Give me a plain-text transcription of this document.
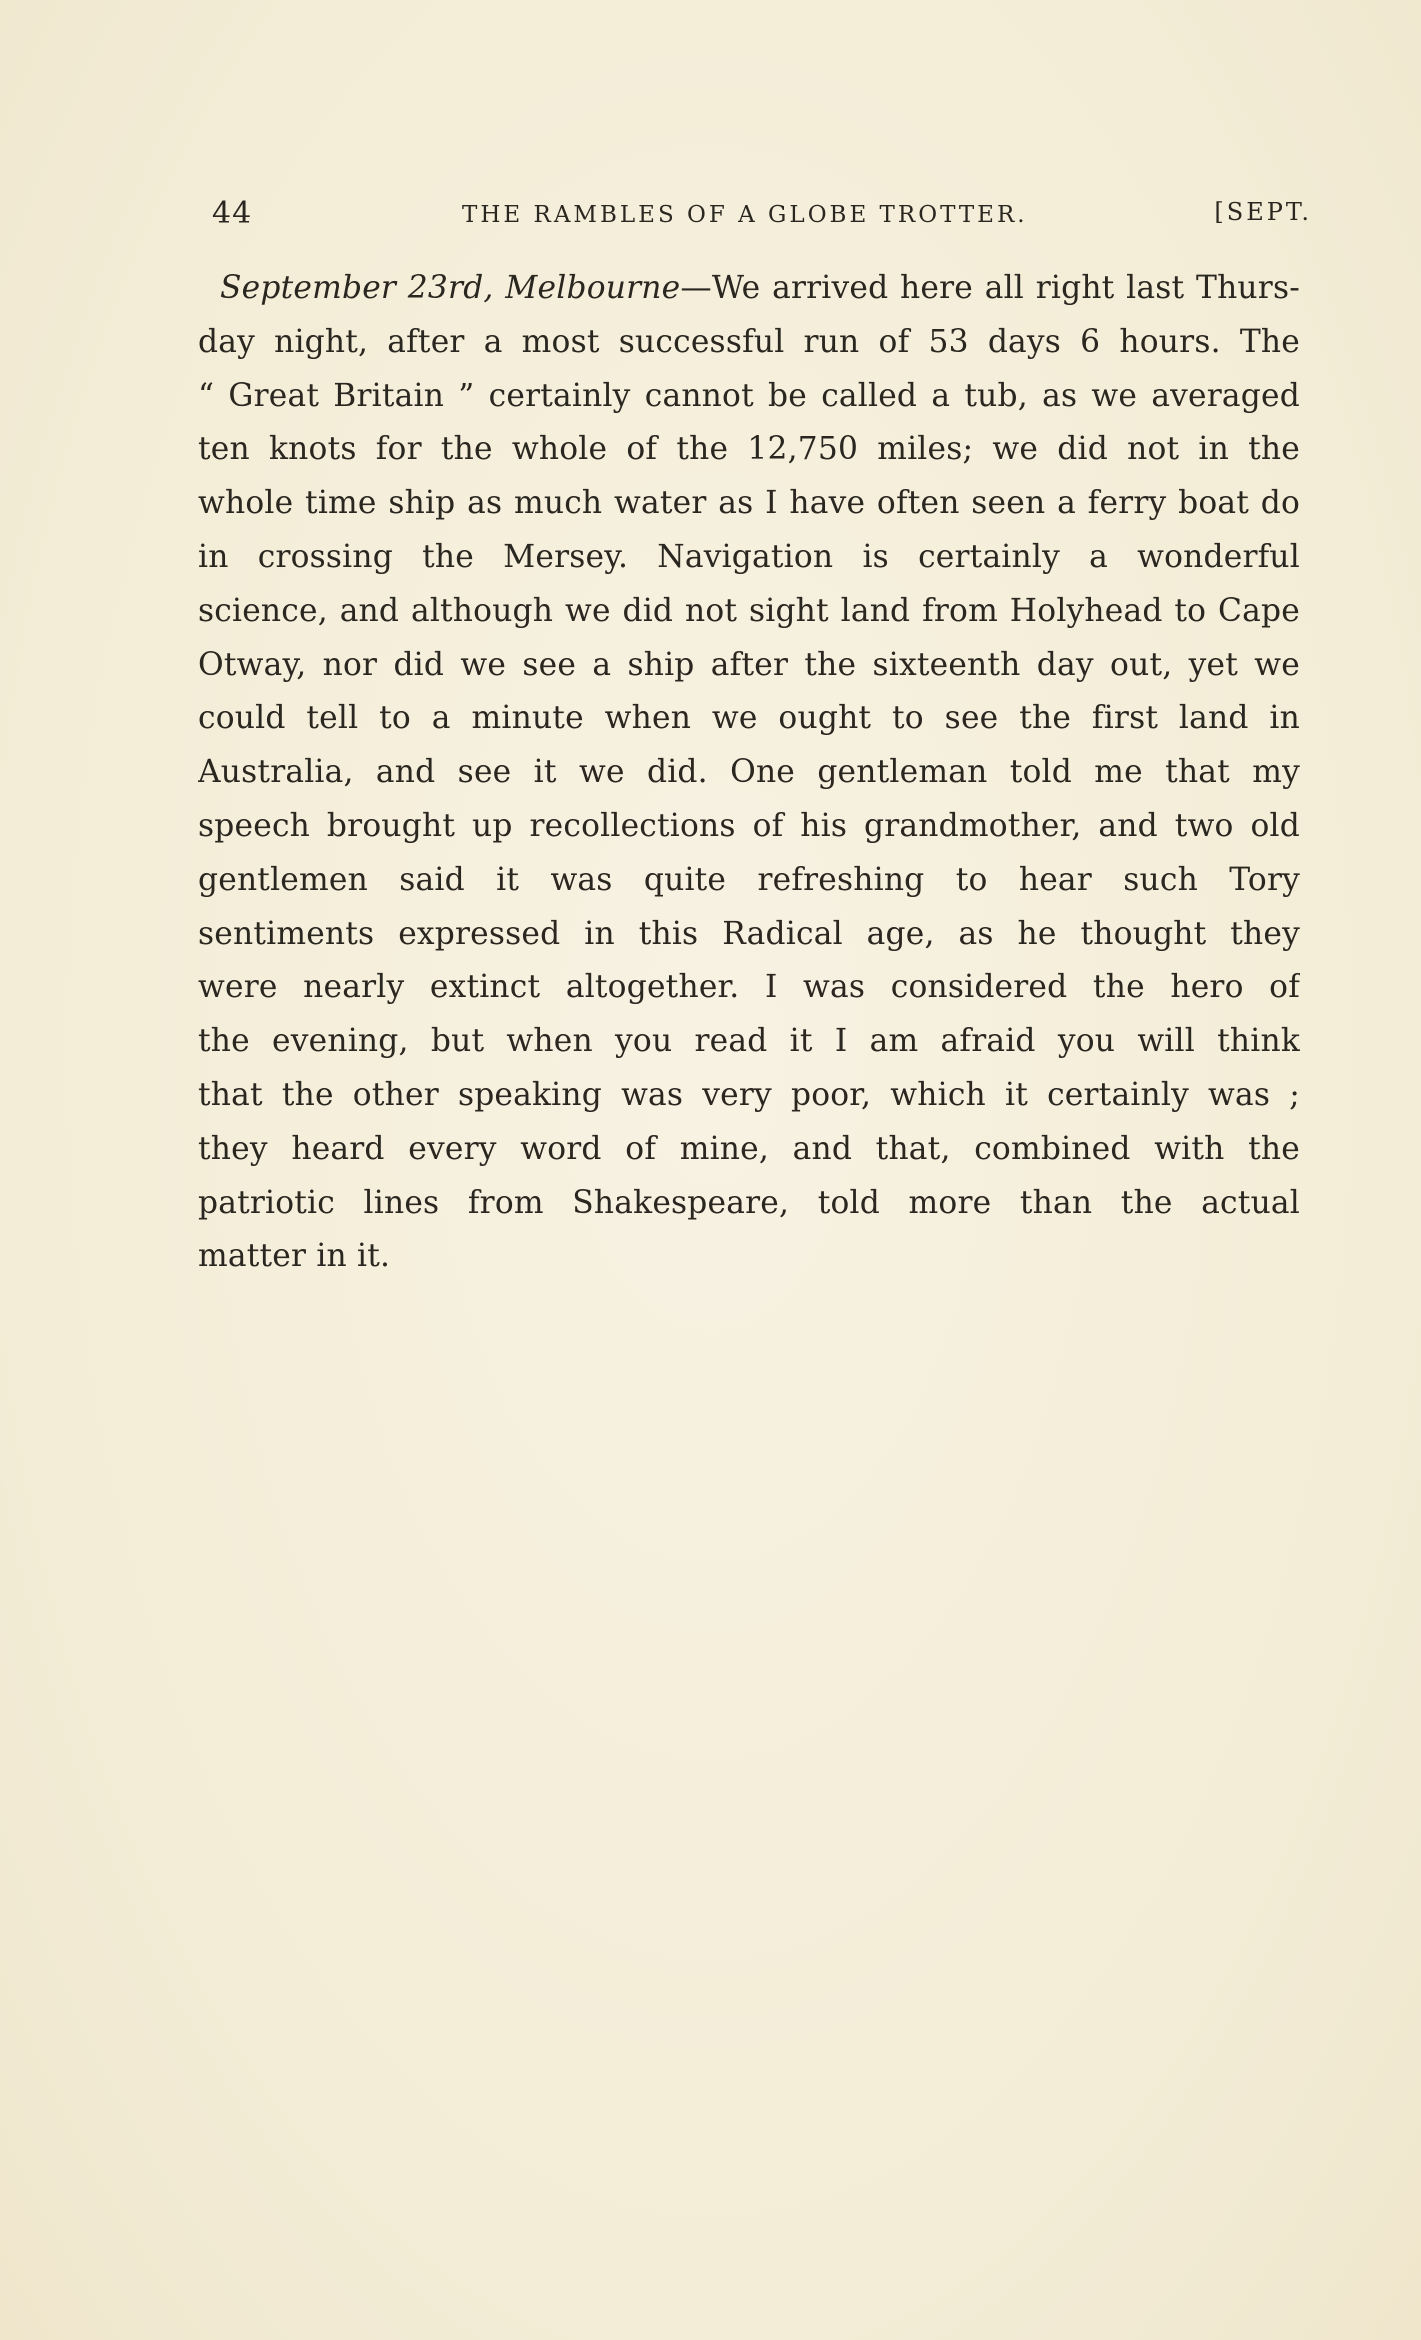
44	THE RAMBLES OF A GLOBE TROTTER.	[SEPT.
September 23rd, Melbourne—We arrived here all right last Thurs-
day night, after a most successful run of 53 days 6 hours. The
“ Great Britain ” certainly cannot be called a tub, as we averaged
ten knots for the whole of the 12,750 miles; we did not in the
whole time ship as much water as I have often seen a ferry boat do
in crossing the Mersey. Navigation is certainly a wonderful
science, and although we did not sight land from Holyhead to Cape
Otway, nor did we see a ship after the sixteenth day out, yet we
could tell to a minute when we ought to see the first land in
Australia, and see it we did. One gentleman told me that my
speech brought up recollections of his grandmother, and two old
gentlemen said it was quite refreshing to hear such Tory
sentiments expressed in this Radical age, as he thought they
were nearly extinct altogether. I was considered the hero of
the evening, but when you read it I am afraid you will think
that the other speaking was very poor, which it certainly was ;
they heard every word of mine, and that, combined with the
patriotic lines from Shakespeare, told more than the actual
matter in it.
